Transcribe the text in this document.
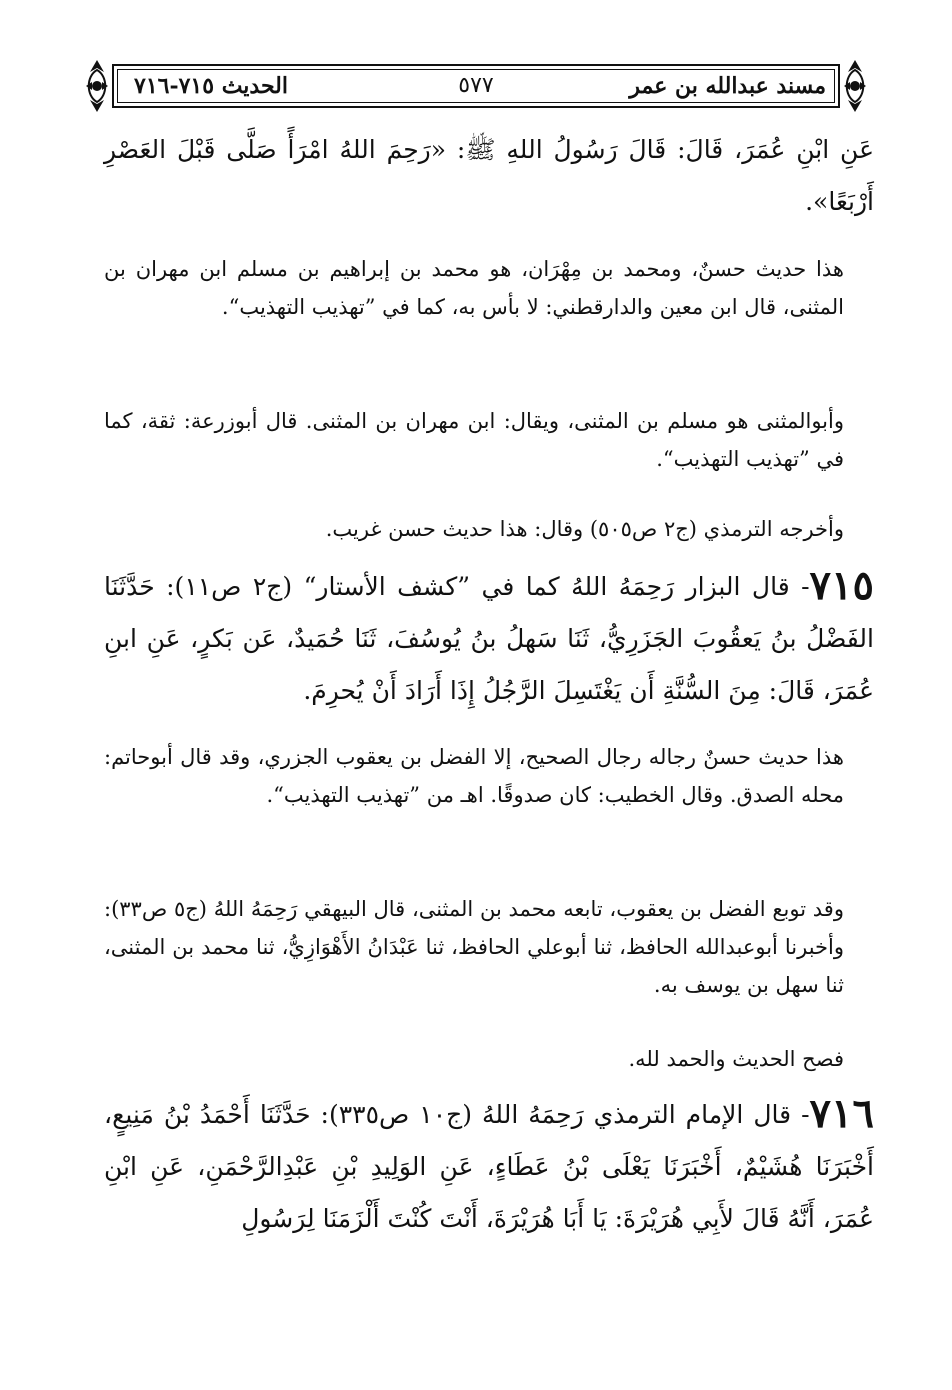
مسند عبدالله بن عمر
٥٧٧
الحديث ٧١٥-٧١٦

عَنِ ابْنِ عُمَرَ، قَالَ: قَالَ رَسُولُ اللهِ ﷺ: «رَحِمَ اللهُ امْرَأً صَلَّى قَبْلَ العَصْرِ أَرْبَعًا».

هذا حديث حسنٌ، ومحمد بن مِهْرَان، هو محمد بن إبراهيم بن مسلم ابن مهران بن المثنى، قال ابن معين والدارقطني: لا بأس به، كما في ”تهذيب التهذيب“.

وأبوالمثنى هو مسلم بن المثنى، ويقال: ابن مهران بن المثنى. قال أبوزرعة: ثقة، كما في ”تهذيب التهذيب“.

وأخرجه الترمذي (ج٢ ص٥٠٥) وقال: هذا حديث حسن غريب.

٧١٥- قال البزار رَحِمَهُ اللهُ كما في ”كشف الأستار“ (ج٢ ص١١): حَدَّثَنَا الفَضْلُ بنُ يَعقُوبَ الجَزَرِيُّ، ثَنَا سَهلُ بنُ يُوسُفَ، ثَنَا حُمَيدٌ، عَن بَكرٍ، عَنِ ابنِ عُمَرَ، قَالَ: مِنَ السُّنَّةِ أَن يَغْتَسِلَ الرَّجُلُ إِذَا أَرَادَ أَنْ يُحرِمَ.

هذا حديث حسنٌ رجاله رجال الصحيح، إلا الفضل بن يعقوب الجزري، وقد قال أبوحاتم: محله الصدق. وقال الخطيب: كان صدوقًا. اهـ من ”تهذيب التهذيب“.

وقد توبع الفضل بن يعقوب، تابعه محمد بن المثنى، قال البيهقي رَحِمَهُ اللهُ (ج٥ ص٣٣): وأخبرنا أبوعبدالله الحافظ، ثنا أبوعلي الحافظ، ثنا عَبْدَانُ الأَهْوَازِيُّ، ثنا محمد بن المثنى، ثنا سهل بن يوسف به.

فصح الحديث والحمد لله.

٧١٦- قال الإمام الترمذي رَحِمَهُ اللهُ (ج١٠ ص٣٣٥): حَدَّثَنَا أَحْمَدُ بْنُ مَنِيعٍ، أَخْبَرَنَا هُشَيْمٌ، أَخْبَرَنَا يَعْلَى بْنُ عَطَاءٍ، عَنِ الوَلِيدِ بْنِ عَبْدِالرَّحْمَنِ، عَنِ ابْنِ عُمَرَ، أَنَّهُ قَالَ لأَبِي هُرَيْرَةَ: يَا أَبَا هُرَيْرَةَ، أَنْتَ كُنْتَ أَلْزَمَنَا لِرَسُولِ
